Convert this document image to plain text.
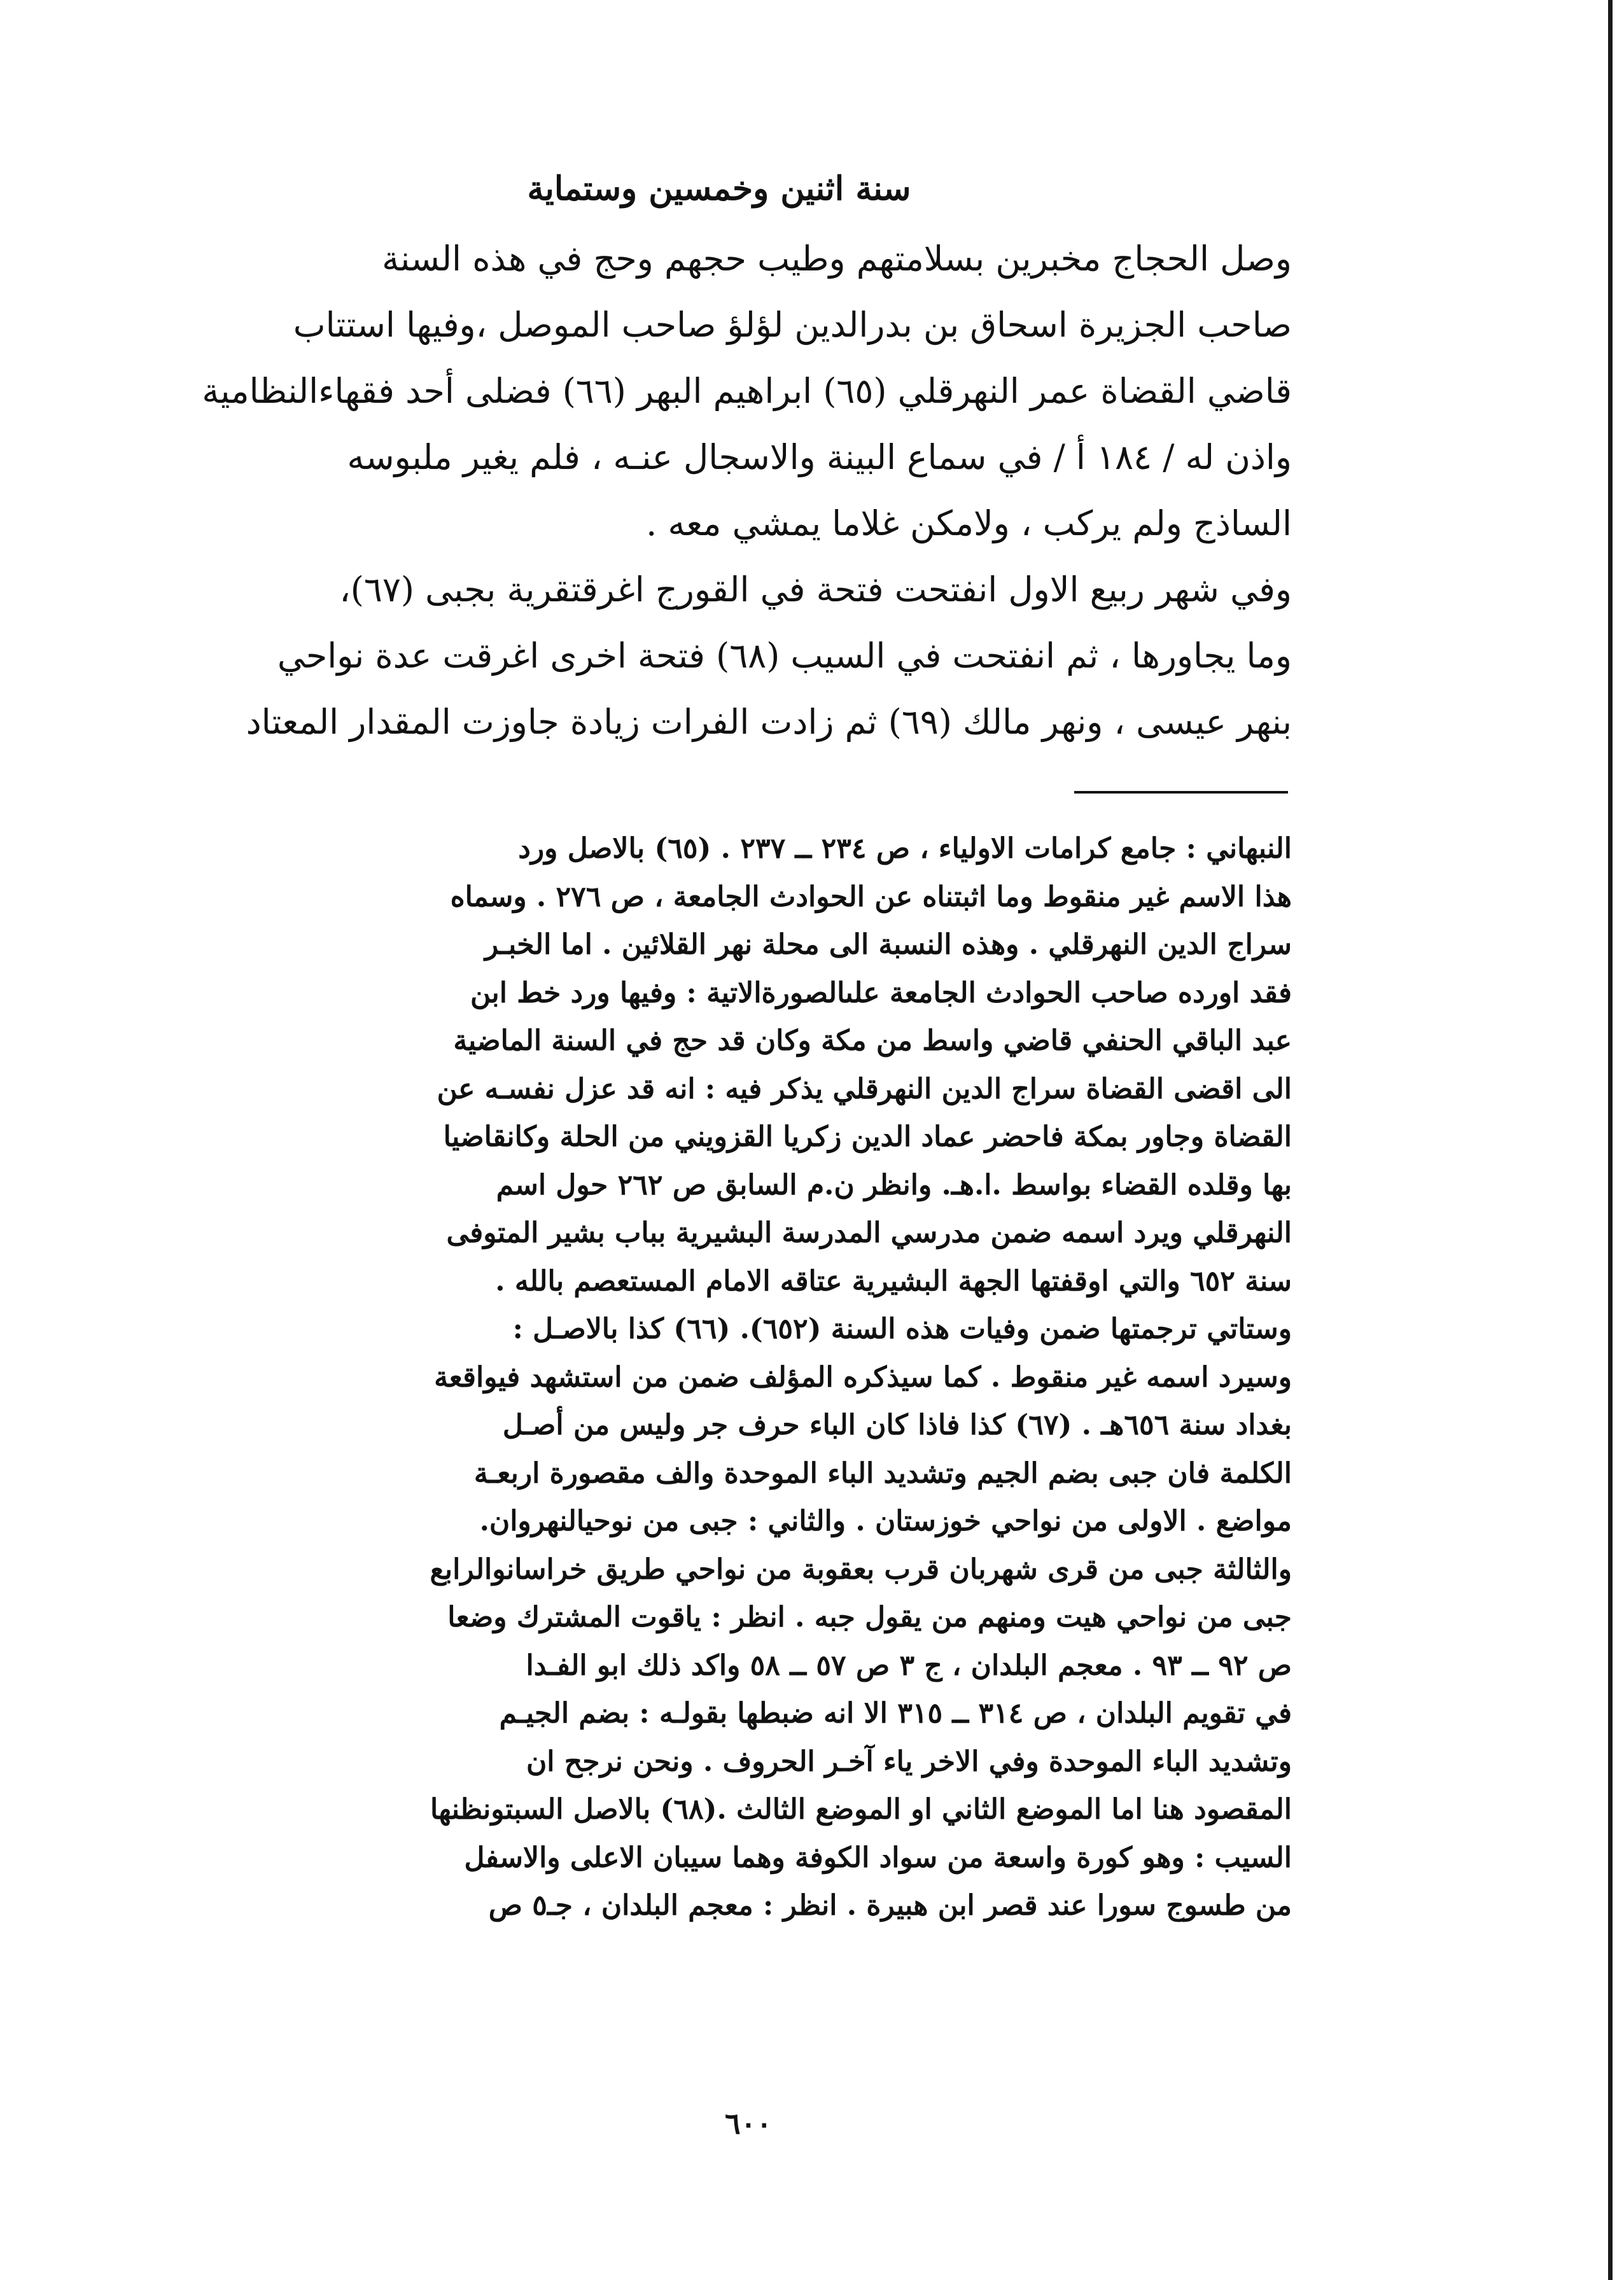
سنة اثنين وخمسين وستماية
وصل الحجاج مخبرين بسلامتهم وطيب حجهم وحج في هذه السنة
صاحب الجزيرة اسحاق بن بدرالدين لؤلؤ صاحب الموصل ،وفيها استتاب
قاضي القضاة عمر النهرقلي (٦٥) ابراهيم البهر (٦٦) فضلى أحد فقهاءالنظامية
واذن له / ١٨٤ أ / في سماع البينة والاسجال عنـه ، فلم يغير ملبوسه
الساذج ولم يركب ، ولامكن غلاما يمشي معه .
وفي شهر ربيع الاول انفتحت فتحة في القورج اغرقتقرية بجبى (٦٧)،
وما يجاورها ، ثم انفتحت في السيب (٦٨) فتحة اخرى اغرقت عدة نواحي
بنهر عيسى ، ونهر مالك (٦٩) ثم زادت الفرات زيادة جاوزت المقدار المعتاد
النبهاني : جامع كرامات الاولياء ، ص ٢٣٤ ــ ٢٣٧ . (٦٥) بالاصل ورد
هذا الاسم غير منقوط وما اثبتناه عن الحوادث الجامعة ، ص ٢٧٦ . وسماه
سراج الدين النهرقلي . وهذه النسبة الى محلة نهر القلائين . اما الخبـر
فقد اورده صاحب الحوادث الجامعة علىالصورةالاتية : وفيها ورد خط ابن
عبد الباقي الحنفي قاضي واسط من مكة وكان قد حج في السنة الماضية
الى اقضى القضاة سراج الدين النهرقلي يذكر فيه : انه قد عزل نفسـه عن
القضاة وجاور بمكة فاحضر عماد الدين زكريا القزويني من الحلة وكانقاضيا
بها وقلده القضاء بواسط .ا.هـ. وانظر ن.م السابق ص ٢٦٢ حول اسم
النهرقلي ويرد اسمه ضمن مدرسي المدرسة البشيرية بباب بشير المتوفى
سنة ٦٥٢ والتي اوقفتها الجهة البشيرية عتاقه الامام المستعصم بالله .
وستاتي ترجمتها ضمن وفيات هذه السنة (٦٥٢). (٦٦) كذا بالاصـل :
وسيرد اسمه غير منقوط . كما سيذكره المؤلف ضمن من استشهد فيواقعة
بغداد سنة ٦٥٦هـ . (٦٧) كذا فاذا كان الباء حرف جر وليس من أصـل
الكلمة فان جبى بضم الجيم وتشديد الباء الموحدة والف مقصورة اربعـة
مواضع . الاولى من نواحي خوزستان . والثاني : جبى من نوحيالنهروان.
والثالثة جبى من قرى شهربان قرب بعقوبة من نواحي طريق خراسانوالرابع
جبى من نواحي هيت ومنهم من يقول جبه . انظر : ياقوت المشترك وضعا
ص ٩٢ ــ ٩٣ . معجم البلدان ، ج ٣ ص ٥٧ ــ ٥٨ واكد ذلك ابو الفـدا
في تقويم البلدان ، ص ٣١٤ ــ ٣١٥ الا انه ضبطها بقولـه : بضم الجيـم
وتشديد الباء الموحدة وفي الاخر ياء آخـر الحروف . ونحن نرجح ان
المقصود هنا اما الموضع الثاني او الموضع الثالث .(٦٨) بالاصل السبتونظنها
السيب : وهو كورة واسعة من سواد الكوفة وهما سيبان الاعلى والاسفل
من طسوج سورا عند قصر ابن هبيرة . انظر : معجم البلدان ، جـ٥ ص
٦٠٠
